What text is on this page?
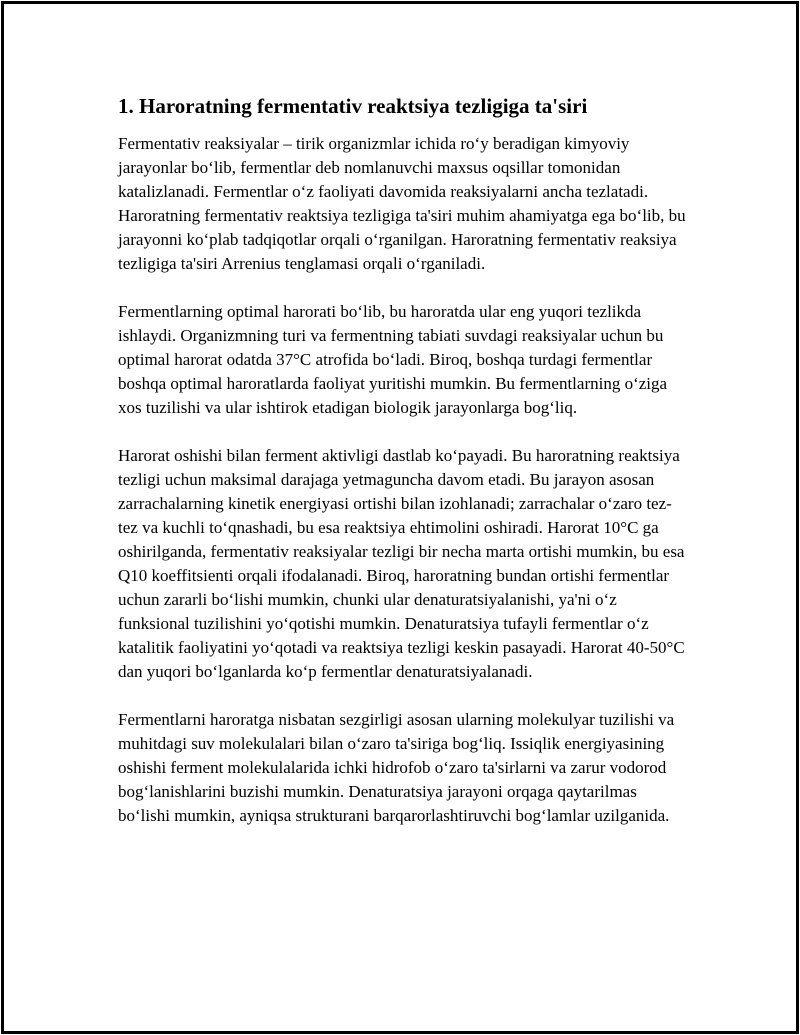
1. Haroratning fermentativ reaktsiya tezligiga ta'siri

Fermentativ reaksiyalar – tirik organizmlar ichida ro‘y beradigan kimyoviy jarayonlar bo‘lib, fermentlar deb nomlanuvchi maxsus oqsillar tomonidan katalizlanadi. Fermentlar o‘z faoliyati davomida reaksiyalarni ancha tezlatadi. Haroratning fermentativ reaktsiya tezligiga ta'siri muhim ahamiyatga ega bo‘lib, bu jarayonni ko‘plab tadqiqotlar orqali o‘rganilgan. Haroratning fermentativ reaksiya tezligiga ta'siri Arrenius tenglamasi orqali o‘rganiladi.

Fermentlarning optimal harorati bo‘lib, bu haroratda ular eng yuqori tezlikda ishlaydi. Organizmning turi va fermentning tabiati suvdagi reaksiyalar uchun bu optimal harorat odatda 37°C atrofida bo‘ladi. Biroq, boshqa turdagi fermentlar boshqa optimal haroratlarda faoliyat yuritishi mumkin. Bu fermentlarning o‘ziga xos tuzilishi va ular ishtirok etadigan biologik jarayonlarga bog‘liq.

Harorat oshishi bilan ferment aktivligi dastlab ko‘payadi. Bu haroratning reaktsiya tezligi uchun maksimal darajaga yetmaguncha davom etadi. Bu jarayon asosan zarrachalarning kinetik energiyasi ortishi bilan izohlanadi; zarrachalar o‘zaro tez-tez va kuchli to‘qnashadi, bu esa reaktsiya ehtimolini oshiradi. Harorat 10°C ga oshirilganda, fermentativ reaksiyalar tezligi bir necha marta ortishi mumkin, bu esa Q10 koeffitsienti orqali ifodalanadi. Biroq, haroratning bundan ortishi fermentlar uchun zararli bo‘lishi mumkin, chunki ular denaturatsiyalanishi, ya'ni o‘z funksional tuzilishini yo‘qotishi mumkin. Denaturatsiya tufayli fermentlar o‘z katalitik faoliyatini yo‘qotadi va reaktsiya tezligi keskin pasayadi. Harorat 40-50°C dan yuqori bo‘lganlarda ko‘p fermentlar denaturatsiyalanadi.

Fermentlarni haroratga nisbatan sezgirligi asosan ularning molekulyar tuzilishi va muhitdagi suv molekulalari bilan o‘zaro ta'siriga bog‘liq. Issiqlik energiyasining oshishi ferment molekulalarida ichki hidrofob o‘zaro ta'sirlarni va zarur vodorod bog‘lanishlarini buzishi mumkin. Denaturatsiya jarayoni orqaga qaytarilmas bo‘lishi mumkin, ayniqsa strukturani barqarorlashtiruvchi bog‘lamlar uzilganida.
